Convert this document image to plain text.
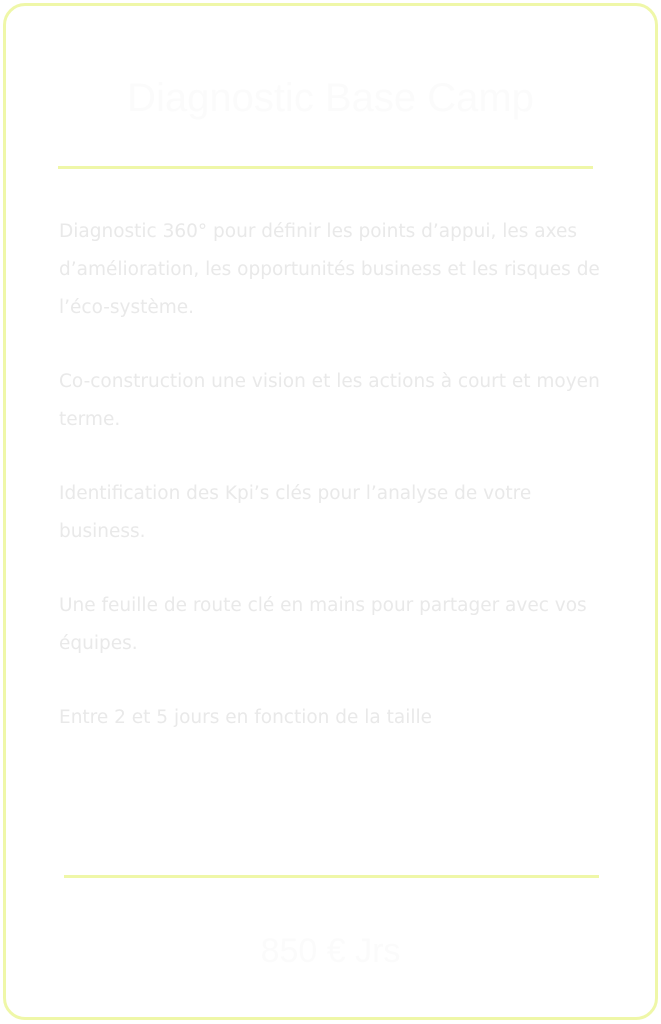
Diagnostic Base Camp

Diagnostic 360° pour définir les points d’appui, les axes d’amélioration, les opportunités business et les risques de l’éco-système.

Co-construction une vision et les actions à court et moyen terme.

Identification des Kpi’s clés pour l’analyse de votre business.

Une feuille de route clé en mains pour partager avec vos équipes.

Entre 2 et 5 jours en fonction de la taille

850 € Jrs
